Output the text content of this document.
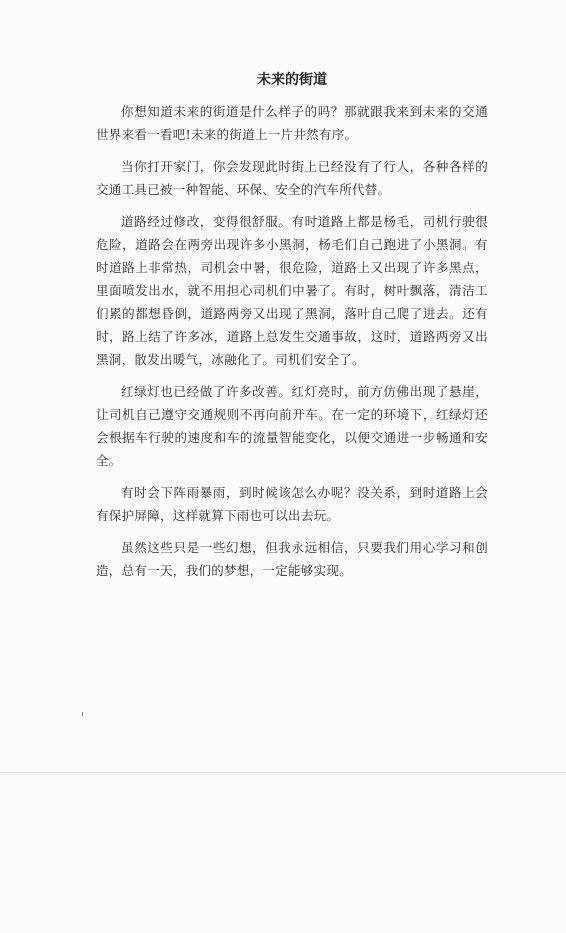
未来的街道

你想知道未来的街道是什么样子的吗？那就跟我来到未来的交通世界来看一看吧!未来的街道上一片井然有序。

当你打开家门，你会发现此时街上已经没有了行人，各种各样的交通工具已被一种智能、环保、安全的汽车所代替。

道路经过修改，变得很舒服。有时道路上都是杨毛，司机行驶很危险，道路会在两旁出现许多小黑洞，杨毛们自己跑进了小黑洞。有时道路上非常热，司机会中暑，很危险，道路上又出现了许多黑点，里面喷发出水，就不用担心司机们中暑了。有时，树叶飘落，清洁工们累的都想昏倒，道路两旁又出现了黑洞，落叶自己爬了进去。还有时，路上结了许多冰，道路上总发生交通事故，这时，道路两旁又出黑洞，散发出暖气，冰融化了。司机们安全了。

红绿灯也已经做了许多改善。红灯亮时，前方仿佛出现了悬崖，让司机自己遵守交通规则不再向前开车。在一定的环境下，红绿灯还会根据车行驶的速度和车的流量智能变化，以便交通进一步畅通和安全。

有时会下阵雨暴雨，到时候该怎么办呢？没关系，到时道路上会有保护屏障，这样就算下雨也可以出去玩。

虽然这些只是一些幻想，但我永远相信，只要我们用心学习和创造，总有一天，我们的梦想，一定能够实现。
